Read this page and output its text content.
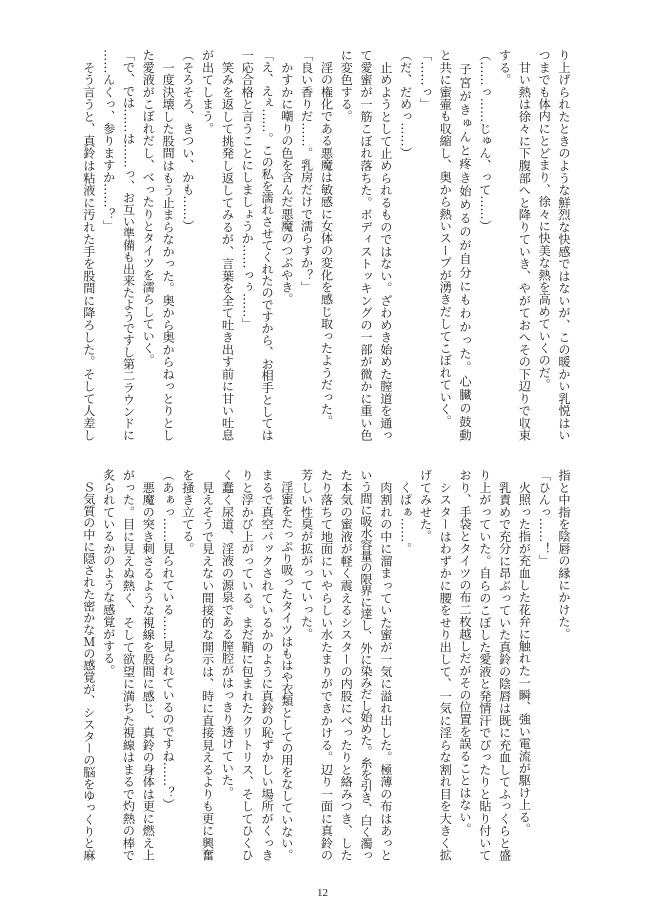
り上げられたときのような鮮烈な快感ではないが、この暖かい乳悦はい
つまでも体内にとどまり、徐々に快美な熱を高めていくのだ。
　甘い熱は徐々に下腹部へと降りていき、やがておへその下辺りで収束
する。
（……っ……じゅん、って……）
　子宮がきゅんと疼き始めるのが自分にもわかった。心臓の鼓動
と共に蜜壷も収縮し、奥から熱いスープが湧きだしてこぼれていく。
「……っ」
（だ、だめっ……）
　止めようとして止められるものではない。ざわめき始めた膣道を通っ
て愛蜜が一筋こぼれ落ちた。ボディストッキングの一部が微かに重い色
に変色する。
　淫の権化である悪魔は敏感に女体の変化を感じ取ったようだった。
「良い香りだ……。乳房だけで濡らすか？」
　かすかに嘲りの色を含んだ悪魔のつぶやき。
「え、えぇ……。この私を濡れさせてくれたのですから、お相手としては
一応合格と言うことにしましょうか……っぅ……」
　笑みを返して挑発し返してみるが、言葉を全て吐き出す前に甘い吐息
が出てしまう。
（そろそろ、きつい、かも……）
　一度決壊した股間はもう止まらなかった。奥から奥からねっとりとし
た愛液がこぼれだし、べったりとタイツを濡らしていく。
「で、では……は……っ、お互い準備も出来たようですし第二ラウンドに
……んくっ、参りますか……？」
　そう言うと、真鈴は粘液に汚れた手を股間に降ろした。そして人差し
指と中指を陰唇の縁にかけた。
「ひんっ……！」
　火照った指が充血した花弁に触れた一瞬、強い電流が駆け上る。
　乳責めで充分に昂ぶっていた真鈴の陰唇は既に充血してふっくらと盛
り上がっていた。自らのこぼした愛液と発情汗でぴったりと貼り付いて
おり、手袋とタイツの布二枚越しだがその位置を誤ることはない。
　シスターはわずかに腰をせり出して、一気に淫らな割れ目を大きく拡
げてみせた。
　くぱぁ……。
　肉割れの中に溜まっていた蜜が一気に溢れ出した。極薄の布はあっと
いう間に吸水容量の限界に達し、外に染みだし始めた。糸を引き、白く濁っ
た本気の蜜液が軽く震えるシスターの内股にべったりと絡みつき、した
たり落ちて地面にいやらしい水たまりができかける。辺り一面に真鈴の
芳しい性臭が拡がっていった。
　淫蜜をたっぷり吸ったタイツはもはや衣類としての用をなしていない。
まるで真空パックされているかのように真鈴の恥ずかしい場所がくっき
りと浮かび上がっている。まだ鞘に包まれたクリトリス、そしてひくひ
く蠢く尿道、淫液の源泉である膣腔がはっきり透けていた。
　見えそうで見えない間接的な開示は、時に直接見えるよりも更に興奮
を掻き立てる。
（あぁっ……見られている……見られているのですね……？）
　悪魔の突き刺さるような視線を股間に感じ、真鈴の身体は更に燃え上
がった。目に見えぬ熱く、そして欲望に満ちた視線はまるで灼熱の棒で
炙られているかのような感覚がする。
　Ｓ気質の中に隠された密かなＭの感覚が、シスターの脳をゆっくりと麻
12
